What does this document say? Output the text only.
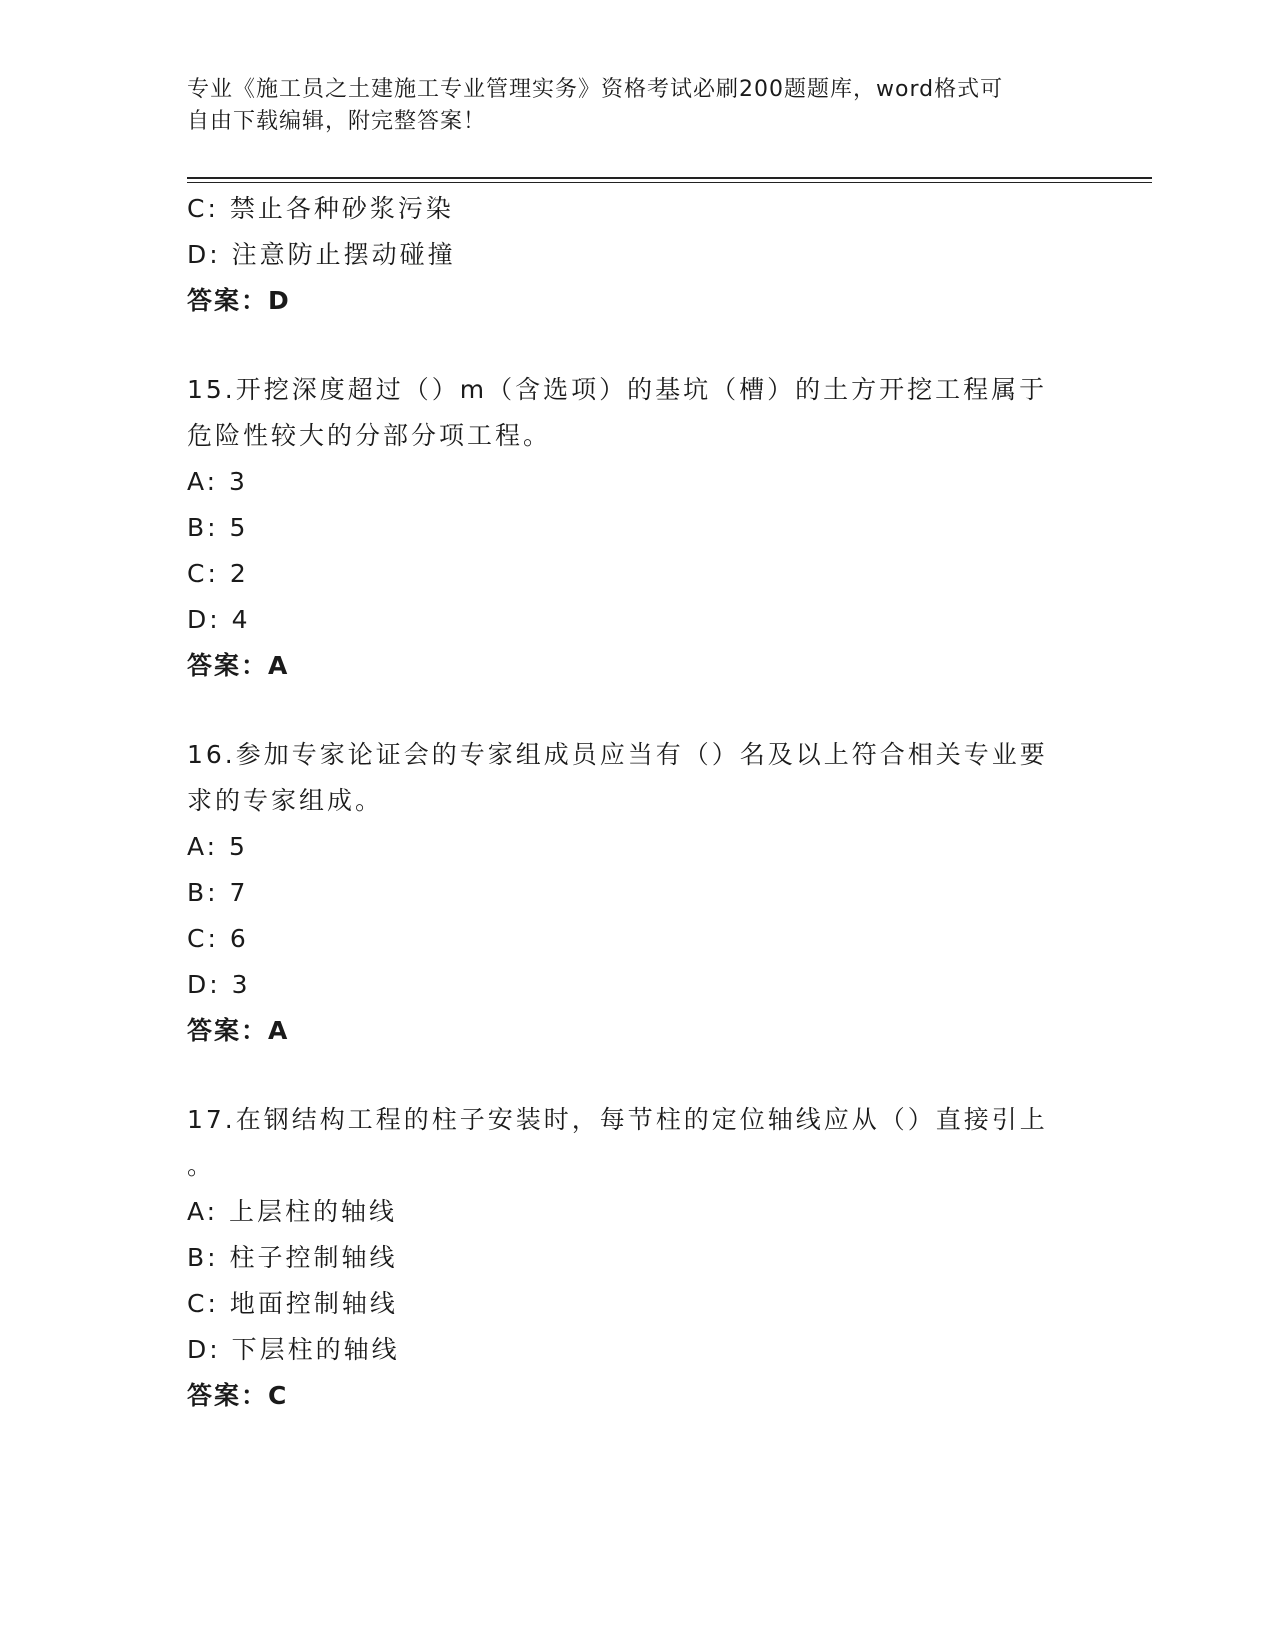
专业《施工员之土建施工专业管理实务》资格考试必刷200题题库，word格式可
自由下载编辑，附完整答案！
C: 禁止各种砂浆污染
D: 注意防止摆动碰撞
答案：D
15.开挖深度超过（）m（含选项）的基坑（槽）的土方开挖工程属于
危险性较大的分部分项工程。
A: 3
B: 5
C: 2
D: 4
答案：A
16.参加专家论证会的专家组成员应当有（）名及以上符合相关专业要
求的专家组成。
A: 5
B: 7
C: 6
D: 3
答案：A
17.在钢结构工程的柱子安装时，每节柱的定位轴线应从（）直接引上
。
A: 上层柱的轴线
B: 柱子控制轴线
C: 地面控制轴线
D: 下层柱的轴线
答案：C
